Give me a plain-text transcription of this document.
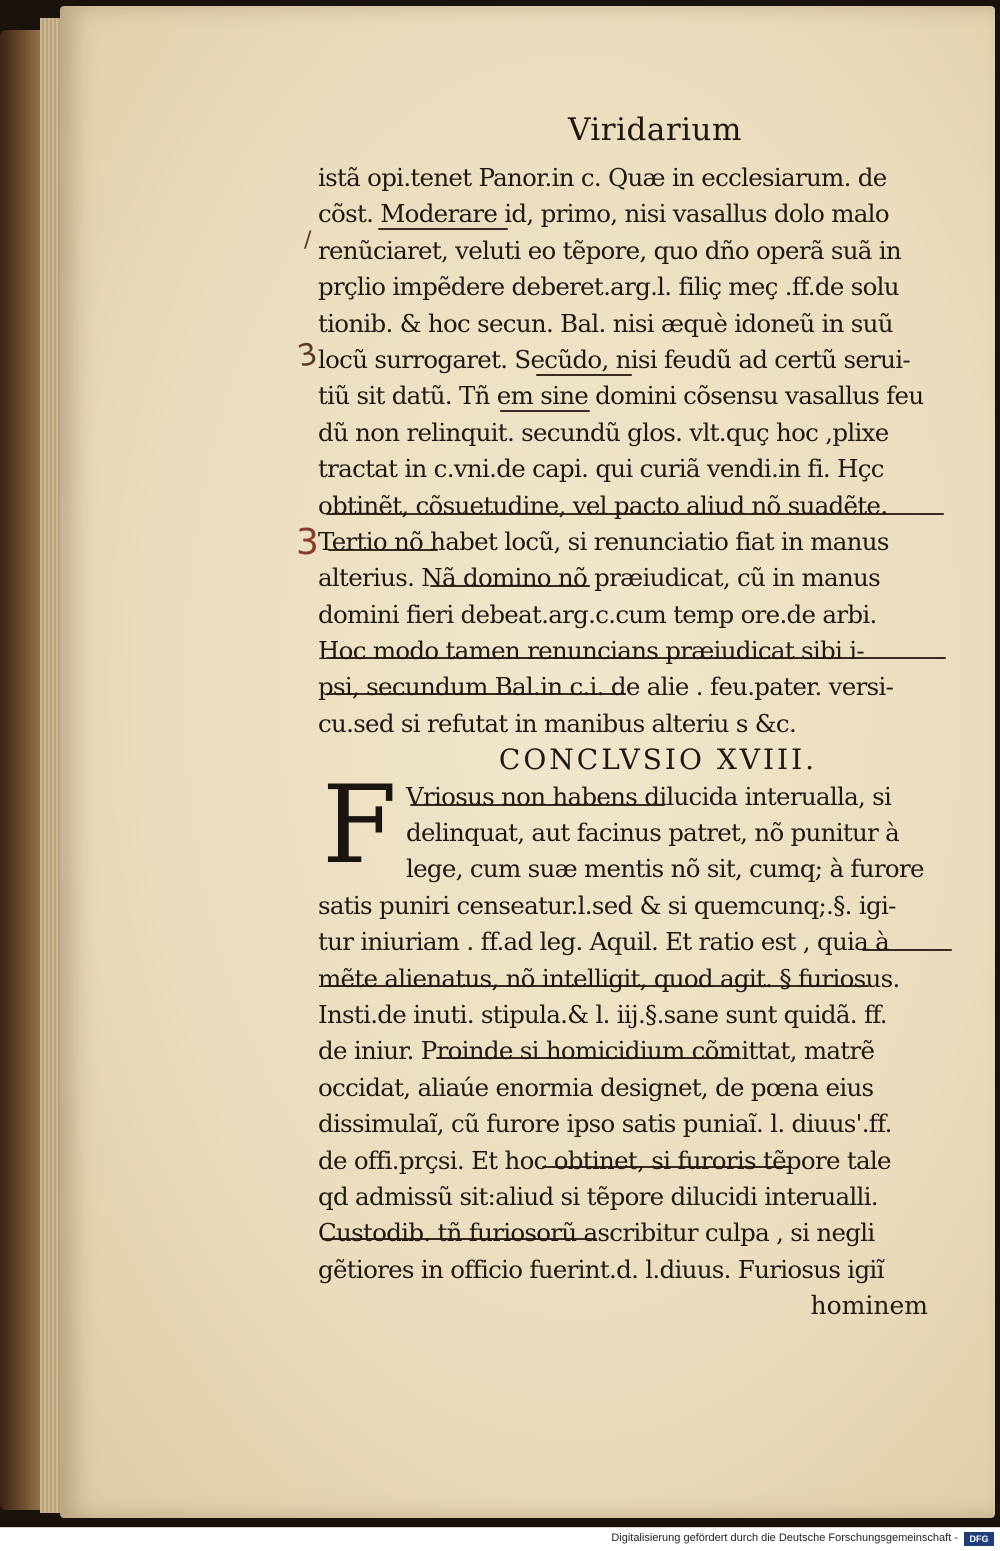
Viridarium
/
3
3
F
istã opi.tenet Panor.in c. Quæ in ecclesiarum. de
cõst. Moderare id, primo, nisi vasallus dolo malo
renũciaret, veluti eo tẽpore, quo dño operã suã in
prçlio impẽdere deberet.arg.l. filiç meç .ff.de solu
tionib. & hoc secun. Bal. nisi æquè idoneũ in suũ
locũ surrogaret. Secũdo, nisi feudũ ad certũ serui-
tiũ sit datũ. Tñ em sine domini cõsensu vasallus feu
dũ non relinquit. secundũ glos. vlt.quç hoc ,plixe
tractat in c.vni.de capi. qui curiã vendi.in fi. Hçc
obtinẽt, cõsuetudine, vel pacto aliud nõ suadẽte.
Tertio nõ habet locũ, si renunciatio fiat in manus
alterius. Nã domino nõ præiudicat, cũ in manus
domini fieri debeat.arg.c.cum temp ore.de arbi.
Hoc modo tamen renuncians præiudicat sibi i-
psi, secundum Bal.in c.i. de alie . feu.pater. versi-
cu.sed si refutat in manibus alteriu s &c.
CONCLVSIO XVIII.
Vriosus non habens dilucida interualla, si
delinquat, aut facinus patret, nõ punitur à
lege, cum suæ mentis nõ sit, cumq; à furore
satis puniri censeatur.l.sed & si quemcunq;.§. igi-
tur iniuriam . ff.ad leg. Aquil. Et ratio est , quia à
mẽte alienatus, nõ intelligit, quod agit. § furiosus.
Insti.de inuti. stipula.& l. iij.§.sane sunt quidã. ff.
de iniur. Proinde si homicidium cõmittat, matrẽ
occidat, aliaúe enormia designet, de pœna eius
dissimulaĩ, cũ furore ipso satis puniaĩ. l. diuus'.ff.
de offi.prçsi. Et hoc obtinet, si furoris tẽpore tale
qd admissũ sit:aliud si tẽpore dilucidi interualli.
Custodib. tñ furiosorũ ascribitur culpa , si negli
gẽtiores in officio fuerint.d. l.diuus. Furiosus igiĩ
hominem
Digitalisierung gefördert durch die Deutsche Forschungsgemeinschaft -	DFG
